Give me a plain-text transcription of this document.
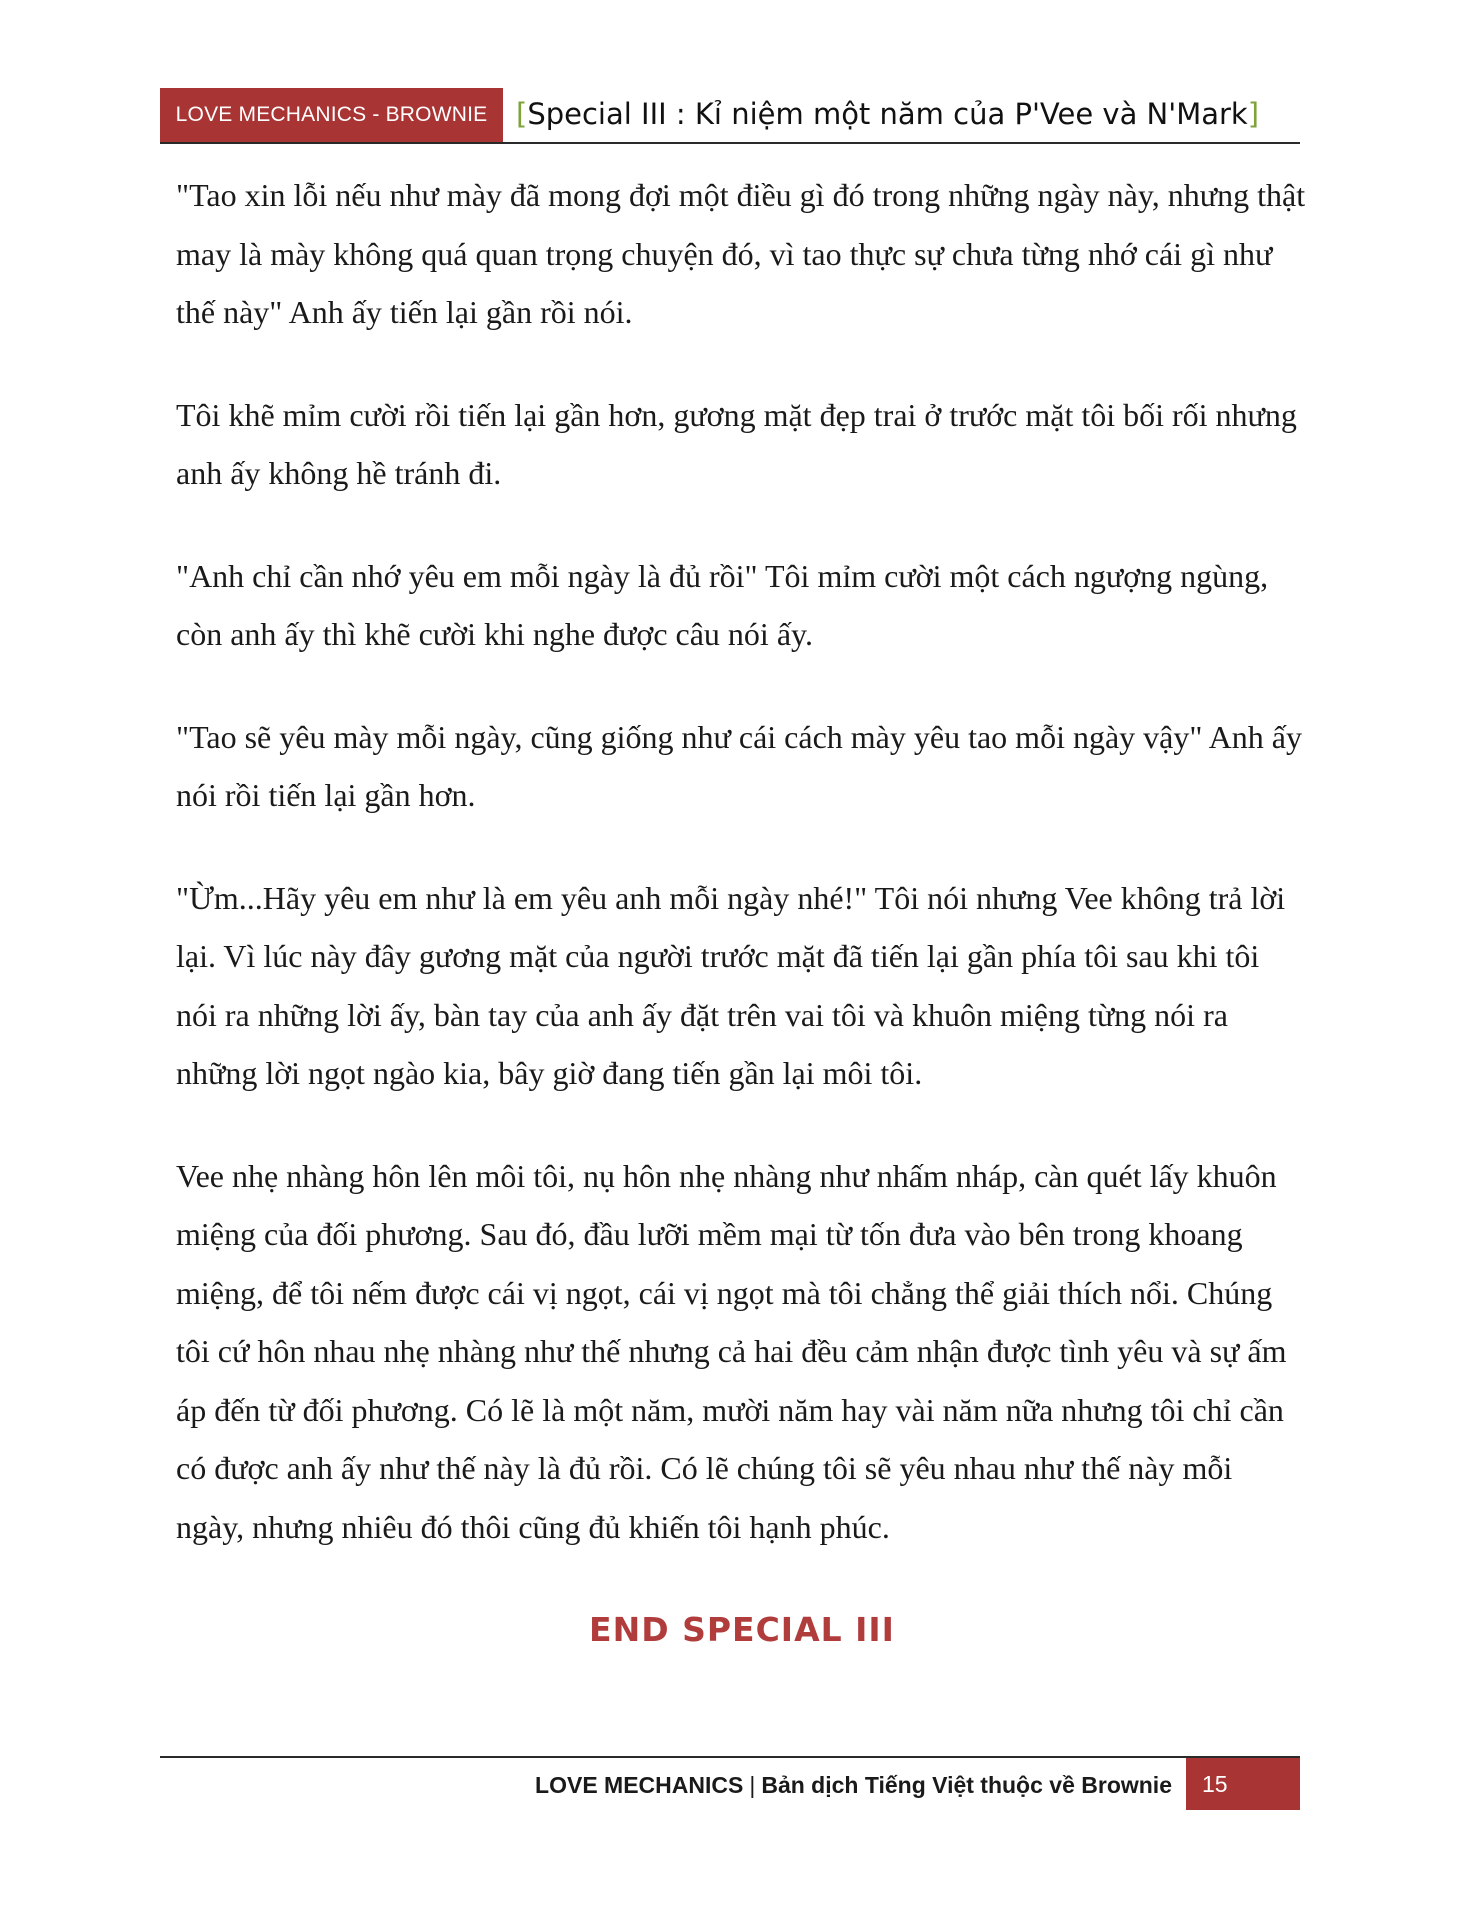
LOVE MECHANICS - BROWNIE [Special III : Kỉ niệm một năm của P'Vee và N'Mark]

"Tao xin lỗi nếu như mày đã mong đợi một điều gì đó trong những ngày này, nhưng thật may là mày không quá quan trọng chuyện đó, vì tao thực sự chưa từng nhớ cái gì như thế này" Anh ấy tiến lại gần rồi nói.

Tôi khẽ mỉm cười rồi tiến lại gần hơn, gương mặt đẹp trai ở trước mặt tôi bối rối nhưng anh ấy không hề tránh đi.

"Anh chỉ cần nhớ yêu em mỗi ngày là đủ rồi" Tôi mỉm cười một cách ngượng ngùng, còn anh ấy thì khẽ cười khi nghe được câu nói ấy.

"Tao sẽ yêu mày mỗi ngày, cũng giống như cái cách mày yêu tao mỗi ngày vậy" Anh ấy nói rồi tiến lại gần hơn.

"Ừm...Hãy yêu em như là em yêu anh mỗi ngày nhé!" Tôi nói nhưng Vee không trả lời lại. Vì lúc này đây gương mặt của người trước mặt đã tiến lại gần phía tôi sau khi tôi nói ra những lời ấy, bàn tay của anh ấy đặt trên vai tôi và khuôn miệng từng nói ra những lời ngọt ngào kia, bây giờ đang tiến gần lại môi tôi.

Vee nhẹ nhàng hôn lên môi tôi, nụ hôn nhẹ nhàng như nhấm nháp, càn quét lấy khuôn miệng của đối phương. Sau đó, đầu lưỡi mềm mại từ tốn đưa vào bên trong khoang miệng, để tôi nếm được cái vị ngọt, cái vị ngọt mà tôi chẳng thể giải thích nổi. Chúng tôi cứ hôn nhau nhẹ nhàng như thế nhưng cả hai đều cảm nhận được tình yêu và sự ấm áp đến từ đối phương. Có lẽ là một năm, mười năm hay vài năm nữa nhưng tôi chỉ cần có được anh ấy như thế này là đủ rồi. Có lẽ chúng tôi sẽ yêu nhau như thế này mỗi ngày, nhưng nhiêu đó thôi cũng đủ khiến tôi hạnh phúc.

END SPECIAL III
LOVE MECHANICS | Bản dịch Tiếng Việt thuộc về Brownie	15
